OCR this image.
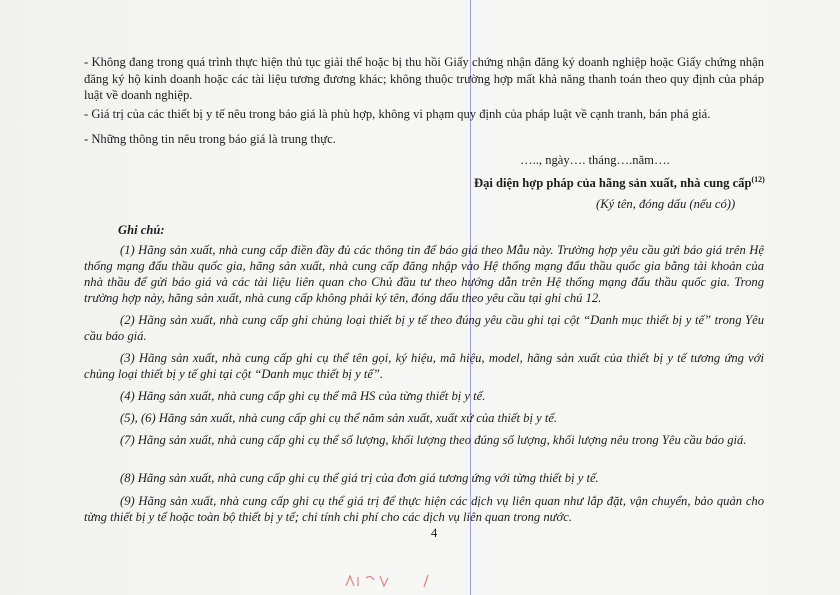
- Không đang trong quá trình thực hiện thủ tục giải thể hoặc bị thu hồi Giấy chứng nhận đăng ký doanh nghiệp hoặc Giấy chứng nhận đăng ký hộ kinh doanh hoặc các tài liệu tương đương khác; không thuộc trường hợp mất khả năng thanh toán theo quy định của pháp luật về doanh nghiệp.

- Giá trị của các thiết bị y tế nêu trong báo giá là phù hợp, không vi phạm quy định của pháp luật về cạnh tranh, bán phá giá.

- Những thông tin nêu trong báo giá là trung thực.

….., ngày…. tháng….năm….
Đại diện hợp pháp của hãng sản xuất, nhà cung cấp$^{(12)}$
(Ký tên, đóng dấu (nếu có))
Ghi chú:

(1) Hãng sản xuất, nhà cung cấp điền đầy đủ các thông tin để báo giá theo Mẫu này. Trường hợp yêu cầu gửi báo giá trên Hệ thống mạng đấu thầu quốc gia, hãng sản xuất, nhà cung cấp đăng nhập vào Hệ thống mạng đấu thầu quốc gia bằng tài khoản của nhà thầu để gửi báo giá và các tài liệu liên quan cho Chủ đầu tư theo hướng dẫn trên Hệ thống mạng đấu thầu quốc gia. Trong trường hợp này, hãng sản xuất, nhà cung cấp không phải ký tên, đóng dấu theo yêu cầu tại ghi chú 12.

(2) Hãng sản xuất, nhà cung cấp ghi chủng loại thiết bị y tế theo đúng yêu cầu ghi tại cột “Danh mục thiết bị y tế” trong Yêu cầu báo giá.

(3) Hãng sản xuất, nhà cung cấp ghi cụ thể tên gọi, ký hiệu, mã hiệu, model, hãng sản xuất của thiết bị y tế tương ứng với chủng loại thiết bị y tế ghi tại cột “Danh mục thiết bị y tế”.

(4) Hãng sản xuất, nhà cung cấp ghi cụ thể mã HS của từng thiết bị y tế.

(5), (6) Hãng sản xuất, nhà cung cấp ghi cụ thể năm sản xuất, xuất xứ của thiết bị y tế.

(7) Hãng sản xuất, nhà cung cấp ghi cụ thể số lượng, khối lượng theo đúng số lượng, khối lượng nêu trong Yêu cầu báo giá.

(8) Hãng sản xuất, nhà cung cấp ghi cụ thể giá trị của đơn giá tương ứng với từng thiết bị y tế.

(9) Hãng sản xuất, nhà cung cấp ghi cụ thể giá trị để thực hiện các dịch vụ liên quan như lắp đặt, vận chuyển, bảo quản cho từng thiết bị y tế hoặc toàn bộ thiết bị y tế; chi tính chi phí cho các dịch vụ liên quan trong nước.

4
